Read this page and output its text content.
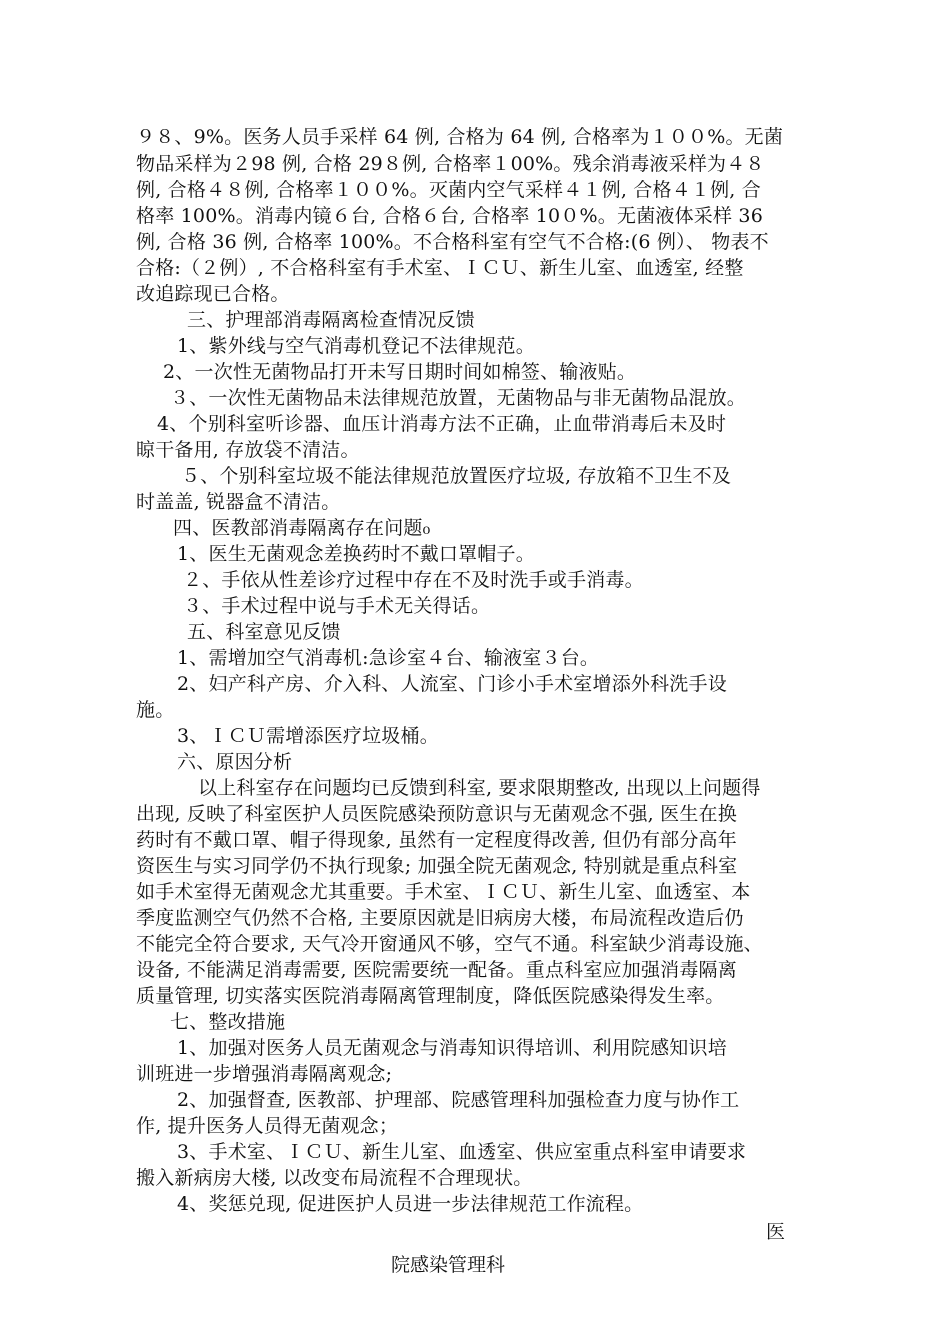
９８、9%。医务人员手采样 64 例, 合格为 64 例, 合格率为１００%。无菌
物品采样为２98 例, 合格 29８例, 合格率１00%。残余消毒液采样为４８
例, 合格４８例, 合格率１００%。灭菌内空气采样４１例, 合格４１例, 合
格率 100%。消毒内镜６台, 合格６台, 合格率 10０%。无菌液体采样 36
例, 合格 36 例, 合格率 100%。不合格科室有空气不合格:(6 例）、 物表不
合格:（２例）, 不合格科室有手术室、ＩＣＵ、新生儿室、血透室, 经整
改追踪现已合格。
三、护理部消毒隔离检查情况反馈
1、紫外线与空气消毒机登记不法律规范。
2、一次性无菌物品打开未写日期时间如棉签、输液贴。
３、一次性无菌物品未法律规范放置，无菌物品与非无菌物品混放。
4、个别科室听诊器、血压计消毒方法不正确，止血带消毒后未及时
晾干备用, 存放袋不清洁。
５、个别科室垃圾不能法律规范放置医疗垃圾, 存放箱不卫生不及
时盖盖, 锐器盒不清洁。
四、医教部消毒隔离存在问题₀
1、医生无菌观念差换药时不戴口罩帽子。
２、手依从性差诊疗过程中存在不及时洗手或手消毒。
３、手术过程中说与手术无关得话。
五、科室意见反馈
1、需增加空气消毒机:急诊室４台、输液室３台。
2、妇产科产房、介入科、人流室、门诊小手术室增添外科洗手设
施。
3、ＩＣＵ需增添医疗垃圾桶。
六、原因分析
以上科室存在问题均已反馈到科室, 要求限期整改, 出现以上问题得
出现, 反映了科室医护人员医院感染预防意识与无菌观念不强, 医生在换
药时有不戴口罩、帽子得现象, 虽然有一定程度得改善, 但仍有部分高年
资医生与实习同学仍不执行现象; 加强全院无菌观念, 特别就是重点科室
如手术室得无菌观念尤其重要。手术室、ＩＣＵ、新生儿室、血透室、本
季度监测空气仍然不合格, 主要原因就是旧病房大楼，布局流程改造后仍
不能完全符合要求, 天气冷开窗通风不够，空气不通。科室缺少消毒设施、
设备, 不能满足消毒需要, 医院需要统一配备。重点科室应加强消毒隔离
质量管理, 切实落实医院消毒隔离管理制度，降低医院感染得发生率。
七、整改措施
1、加强对医务人员无菌观念与消毒知识得培训、利用院感知识培
训班进一步增强消毒隔离观念;
2、加强督查, 医教部、护理部、院感管理科加强检查力度与协作工
作, 提升医务人员得无菌观念；
3、手术室、ＩＣＵ、新生儿室、血透室、供应室重点科室申请要求
搬入新病房大楼, 以改变布局流程不合理现状。
4、奖惩兑现, 促进医护人员进一步法律规范工作流程。
医
院感染管理科
